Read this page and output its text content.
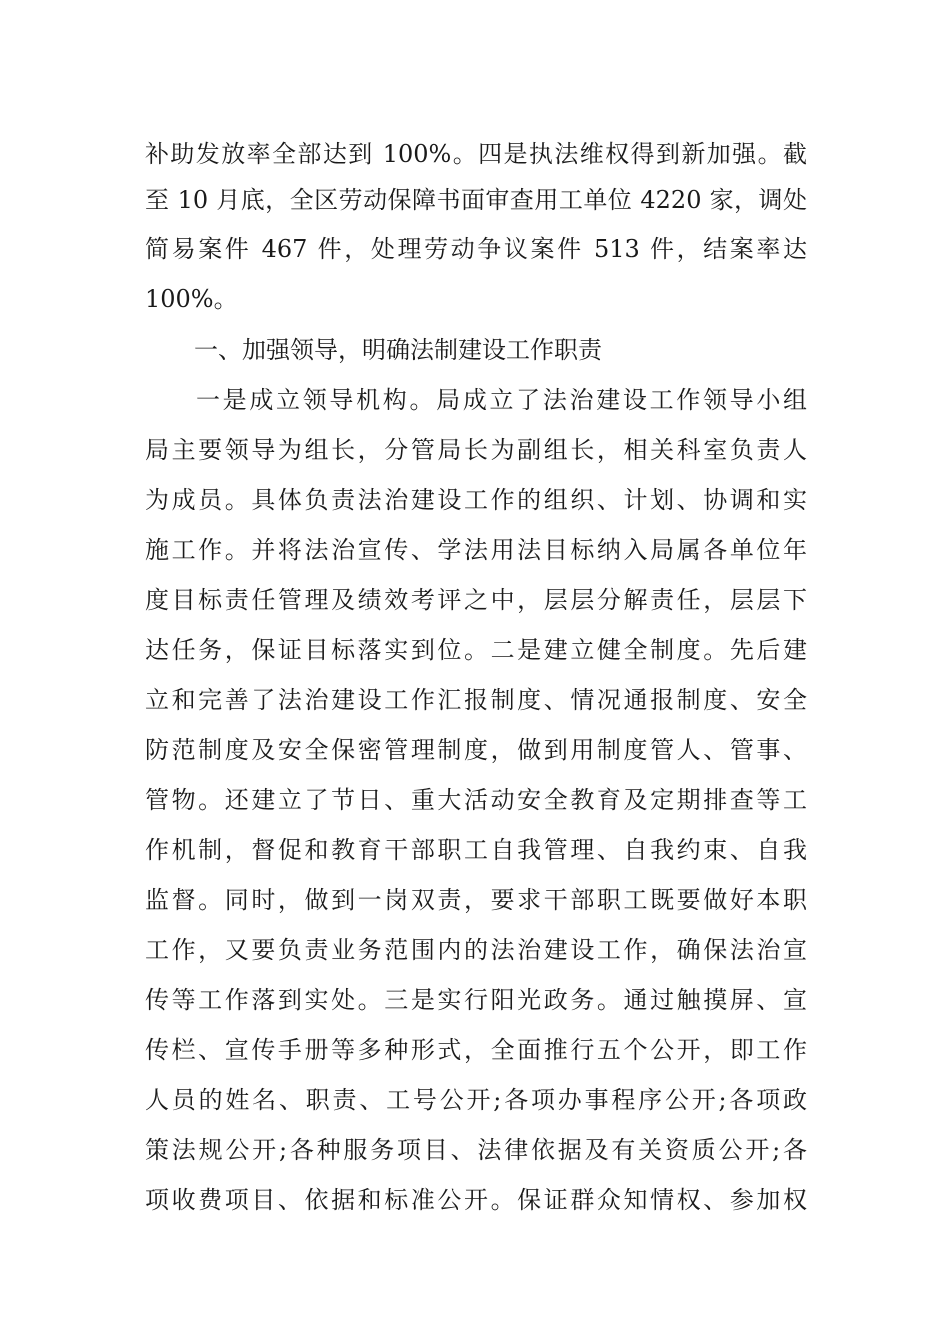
补助发放率全部达到 100%。四是执法维权得到新加强。截
至 10 月底，全区劳动保障书面审查用工单位 4220 家，调处
简易案件 467 件，处理劳动争议案件 513 件，结案率达
100%。
一、加强领导，明确法制建设工作职责
一是成立领导机构。局成立了法治建设工作领导小组
局主要领导为组长，分管局长为副组长，相关科室负责人
为成员。具体负责法治建设工作的组织、计划、协调和实
施工作。并将法治宣传、学法用法目标纳入局属各单位年
度目标责任管理及绩效考评之中，层层分解责任，层层下
达任务，保证目标落实到位。二是建立健全制度。先后建
立和完善了法治建设工作汇报制度、情况通报制度、安全
防范制度及安全保密管理制度，做到用制度管人、管事、
管物。还建立了节日、重大活动安全教育及定期排查等工
作机制，督促和教育干部职工自我管理、自我约束、自我
监督。同时，做到一岗双责，要求干部职工既要做好本职
工作，又要负责业务范围内的法治建设工作，确保法治宣
传等工作落到实处。三是实行阳光政务。通过触摸屏、宣
传栏、宣传手册等多种形式，全面推行五个公开，即工作
人员的姓名、职责、工号公开;各项办事程序公开;各项政
策法规公开;各种服务项目、法律依据及有关资质公开;各
项收费项目、依据和标准公开。保证群众知情权、参加权
